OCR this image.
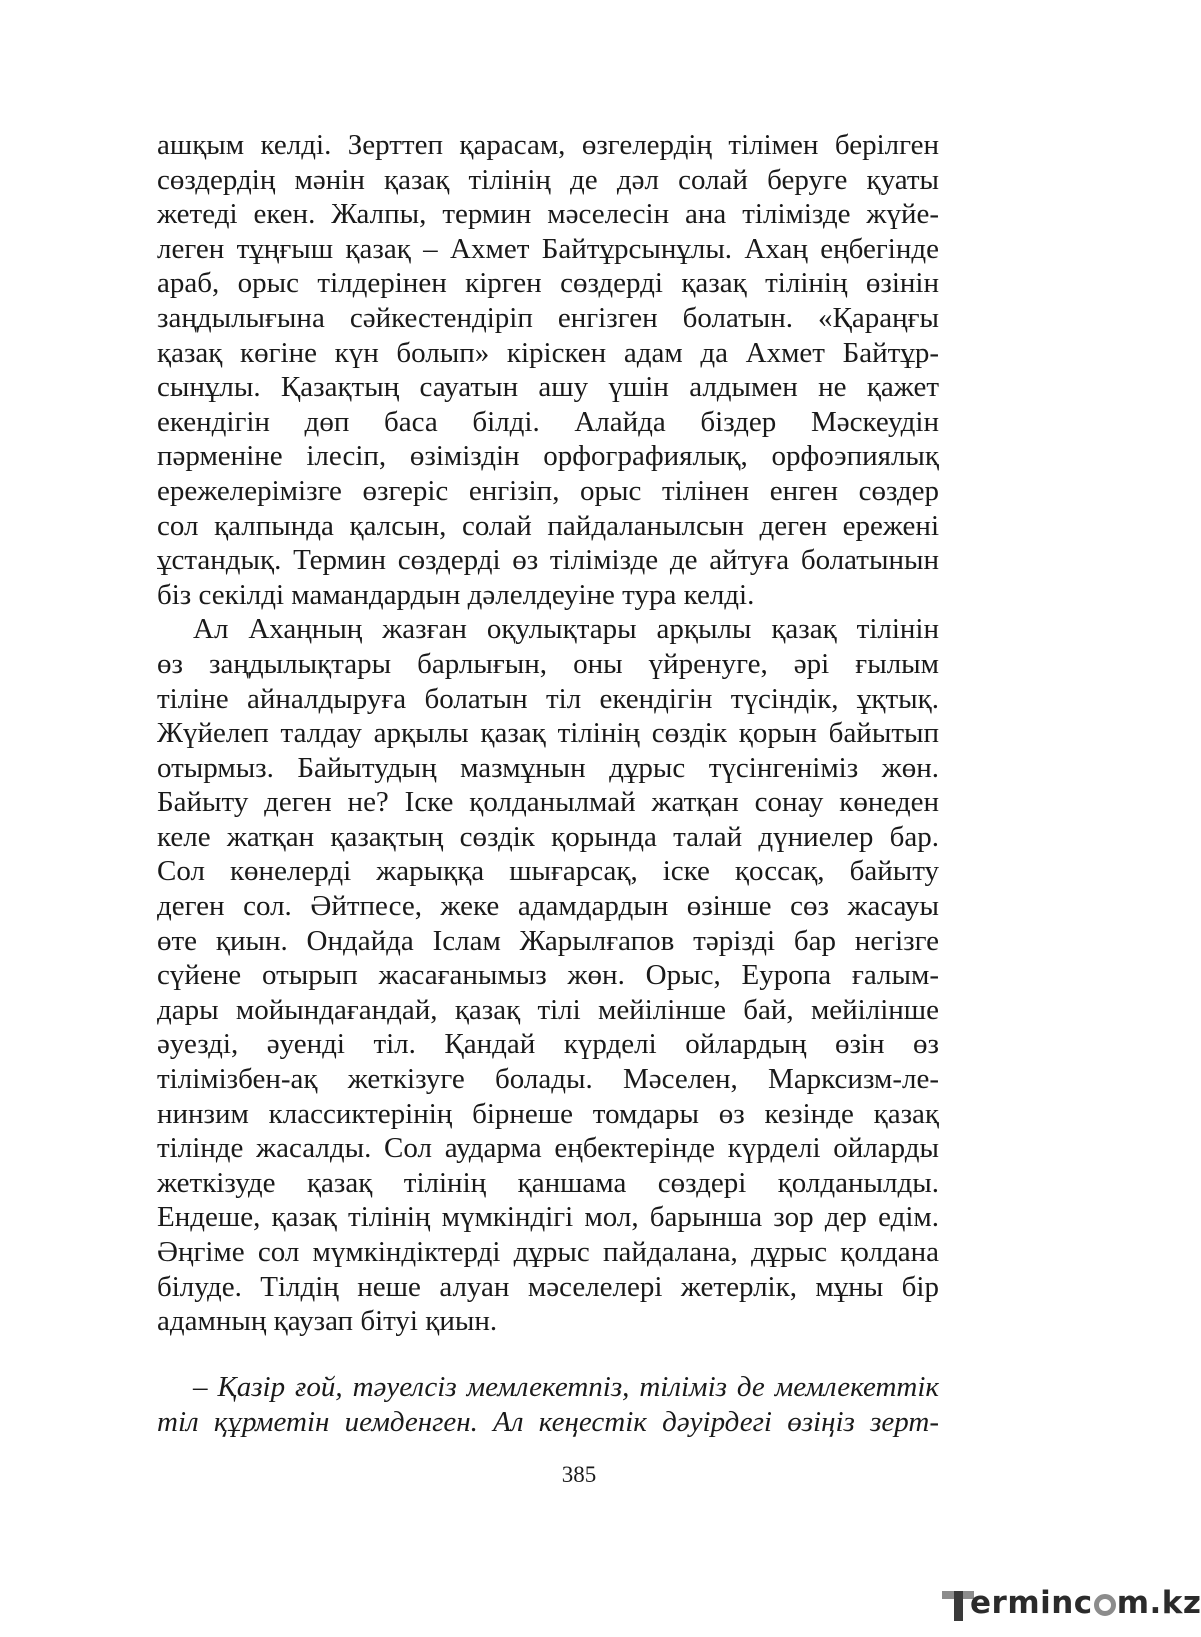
ашқым келді. Зерттеп қарасам, өзгелердің тілімен берілген
сөздердің мәнін қазақ тілінің де дәл солай беруге қуаты
жетеді екен. Жалпы, термин мәселесін ана тілімізде жүйе-
леген тұңғыш қазақ – Ахмет Байтұрсынұлы. Ахаң еңбегінде
араб, орыс тілдерінен кірген сөздерді қазақ тілінің өзінін
заңдылығына сәйкестендіріп енгізген болатын. «Қараңғы
қазақ көгіне күн болып» кірiскен адам да Ахмет Байтұр-
сынұлы. Қазақтың сауатын ашу үшін алдымен не қажет
екендігін дөп баса білді. Алайда біздер Мәскеудін
пәрменіне ілесіп, өзіміздін орфографиялық, орфоэпиялық
ережелерімізге өзгеріс енгізіп, орыс тілінен енген сөздер
сол қалпында қалсын, солай пайдаланылсын деген ережені
ұстандық. Термин сөздерді өз тілімізде де айтуға болатынын
біз секілді мамандардын дәлелдеуіне тура келді.
Ал Ахаңның жазған оқулықтары арқылы қазақ тілінін
өз заңдылықтары барлығын, оны үйренуге, әрі ғылым
тіліне айналдыруға болатын тіл екендігін түсіндік, ұқтық.
Жүйелеп талдау арқылы қазақ тілінің сөздік қорын байытып
отырмыз. Байытудың мазмұнын дұрыс түсінгеніміз жөн.
Байыту деген не? Іске қолданылмай жатқан сонау көнеден
келе жатқан қазақтың сөздік қорында талай дүниелер бар.
Сол көнелерді жарыққа шығарсақ, іске қоссақ, байыту
деген сол. Әйтпесе, жеке адамдардын өзінше сөз жасауы
өте қиын. Ондайда Іслам Жарылғапов тәрізді бар негізге
сүйене отырып жасағанымыз жөн. Орыс, Еуропа ғалым-
дары мойындағандай, қазақ тілі мейілінше бай, мейілінше
әуезді, әуенді тіл. Қандай күрделі ойлардың өзін өз
тілімізбен-ақ жеткізуге болады. Мәселен, Марксизм-ле-
нинзим классиктерінің бірнеше томдары өз кезінде қазақ
тілінде жасалды. Сол аудармa еңбектерінде күрделі ойларды
жеткізуде қазақ тілінің қаншама сөздері қолданылды.
Ендеше, қазақ тілінің мүмкіндігі мол, барынша зор дер едім.
Әңгіме сол мүмкіндіктерді дұрыс пайдалана, дұрыс қолдана
білуде. Тілдің неше алуан мәселелері жетерлік, мұны бір
адамның қаузап бітуі қиын.
– Қазір ғой, тәуелсіз мемлекетпіз, тіліміз де мемлекеттік
тіл құрметін иемденген. Ал кеңестік дәуірдегі өзіңіз зерт-
385
erminc m.kz
